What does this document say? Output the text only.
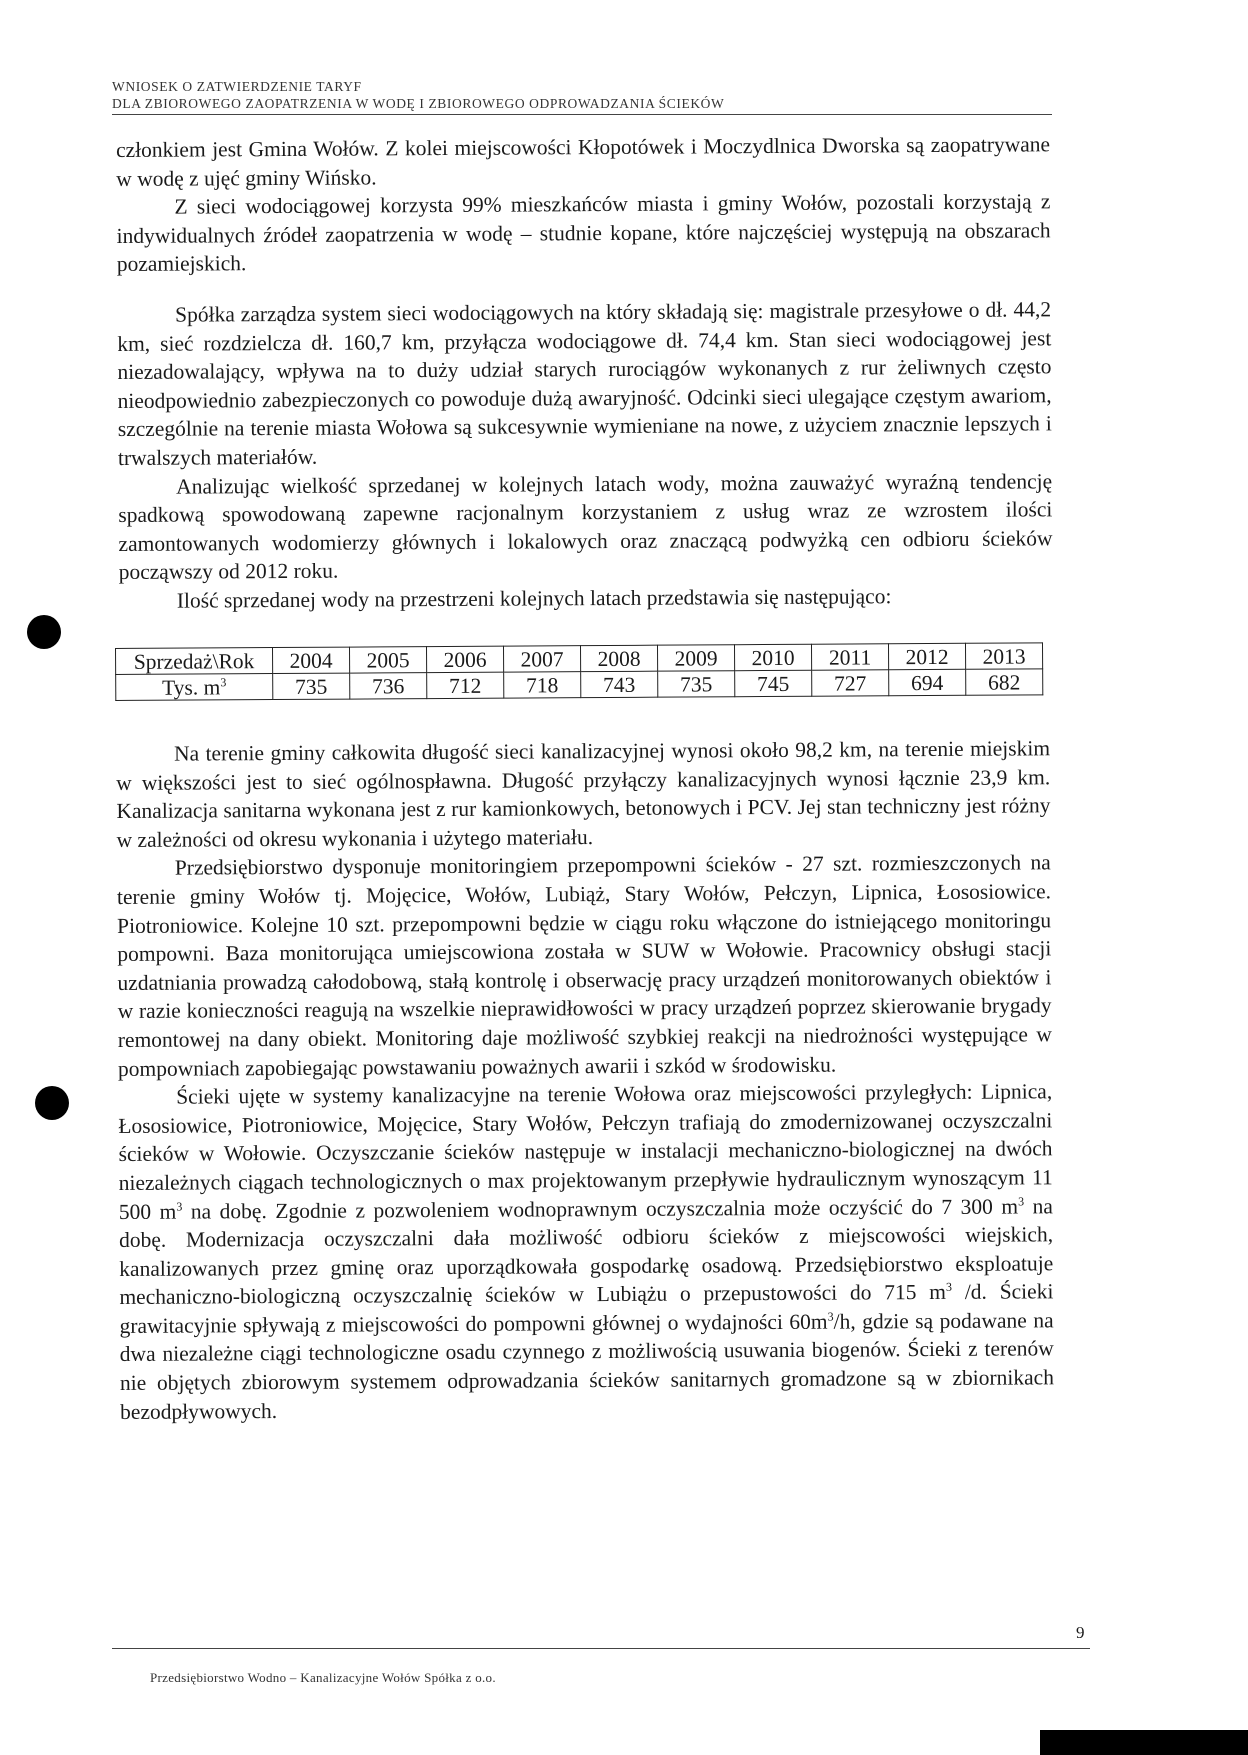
WNIOSEK O ZATWIERDZENIE TARYF
DLA ZBIOROWEGO ZAOPATRZENIA W WODĘ I ZBIOROWEGO ODPROWADZANIA ŚCIEKÓW

członkiem jest Gmina Wołów. Z kolei miejscowości Kłopotówek i Moczydlnica Dworska są zaopatrywane w wodę z ujęć gminy Wińsko.

Z sieci wodociągowej korzysta 99% mieszkańców miasta i gminy Wołów, pozostali korzystają z indywidualnych źródeł zaopatrzenia w wodę – studnie kopane, które najczęściej występują na obszarach pozamiejskich.

Spółka zarządza system sieci wodociągowych na który składają się: magistrale przesyłowe o dł. 44,2 km, sieć rozdzielcza dł. 160,7 km, przyłącza wodociągowe dł. 74,4 km. Stan sieci wodociągowej jest niezadowalający, wpływa na to duży udział starych rurociągów wykonanych z rur żeliwnych często nieodpowiednio zabezpieczonych co powoduje dużą awaryjność. Odcinki sieci ulegające częstym awariom, szczególnie na terenie miasta Wołowa są sukcesywnie wymieniane na nowe, z użyciem znacznie lepszych i trwalszych materiałów.

Analizując wielkość sprzedanej w kolejnych latach wody, można zauważyć wyraźną tendencję spadkową spowodowaną zapewne racjonalnym korzystaniem z usług wraz ze wzrostem ilości zamontowanych wodomierzy głównych i lokalowych oraz znaczącą podwyżką cen odbioru ścieków począwszy od 2012 roku.

Ilość sprzedanej wody na przestrzeni kolejnych latach przedstawia się następująco:

Sprzedaż\Rok	2004	2005	2006	2007	2008	2009	2010	2011	2012	2013
Tys. $m^3$	735	736	712	718	743	735	745	727	694	682

Na terenie gminy całkowita długość sieci kanalizacyjnej wynosi około 98,2 km, na terenie miejskim w większości jest to sieć ogólnospławna. Długość przyłączy kanalizacyjnych wynosi łącznie 23,9 km. Kanalizacja sanitarna wykonana jest z rur kamionkowych, betonowych i PCV. Jej stan techniczny jest różny w zależności od okresu wykonania i użytego materiału.

Przedsiębiorstwo dysponuje monitoringiem przepompowni ścieków - 27 szt. rozmieszczonych na terenie gminy Wołów tj. Mojęcice, Wołów, Lubiąż, Stary Wołów, Pełczyn, Lipnica, Łososiowice. Piotroniowice. Kolejne 10 szt. przepompowni będzie w ciągu roku włączone do istniejącego monitoringu pompowni. Baza monitorująca umiejscowiona została w SUW w Wołowie. Pracownicy obsługi stacji uzdatniania prowadzą całodobową, stałą kontrolę i obserwację pracy urządzeń monitorowanych obiektów i w razie konieczności reagują na wszelkie nieprawidłowości w pracy urządzeń poprzez skierowanie brygady remontowej na dany obiekt. Monitoring daje możliwość szybkiej reakcji na niedrożności występujące w pompowniach zapobiegając powstawaniu poważnych awarii i szkód w środowisku.

Ścieki ujęte w systemy kanalizacyjne na terenie Wołowa oraz miejscowości przyległych: Lipnica, Łososiowice, Piotroniowice, Mojęcice, Stary Wołów, Pełczyn trafiają do zmodernizowanej oczyszczalni ścieków w Wołowie. Oczyszczanie ścieków następuje w instalacji mechaniczno-biologicznej na dwóch niezależnych ciągach technologicznych o max projektowanym przepływie hydraulicznym wynoszącym 11 500 $m^3$ na dobę. Zgodnie z pozwoleniem wodnoprawnym oczyszczalnia może oczyścić do 7 300 $m^3$ na dobę. Modernizacja oczyszczalni dała możliwość odbioru ścieków z miejscowości wiejskich, kanalizowanych przez gminę oraz uporządkowała gospodarkę osadową. Przedsiębiorstwo eksploatuje mechaniczno-biologiczną oczyszczalnię ścieków w Lubiążu o przepustowości do 715 $m^3$ /d. Ścieki grawitacyjnie spływają z miejscowości do pompowni głównej o wydajności $60m^3/h$, gdzie są podawane na dwa niezależne ciągi technologiczne osadu czynnego z możliwością usuwania biogenów. Ścieki z terenów nie objętych zbiorowym systemem odprowadzania ścieków sanitarnych gromadzone są w zbiornikach bezodpływowych.

9
Przedsiębiorstwo Wodno – Kanalizacyjne Wołów Spółka z o.o.
